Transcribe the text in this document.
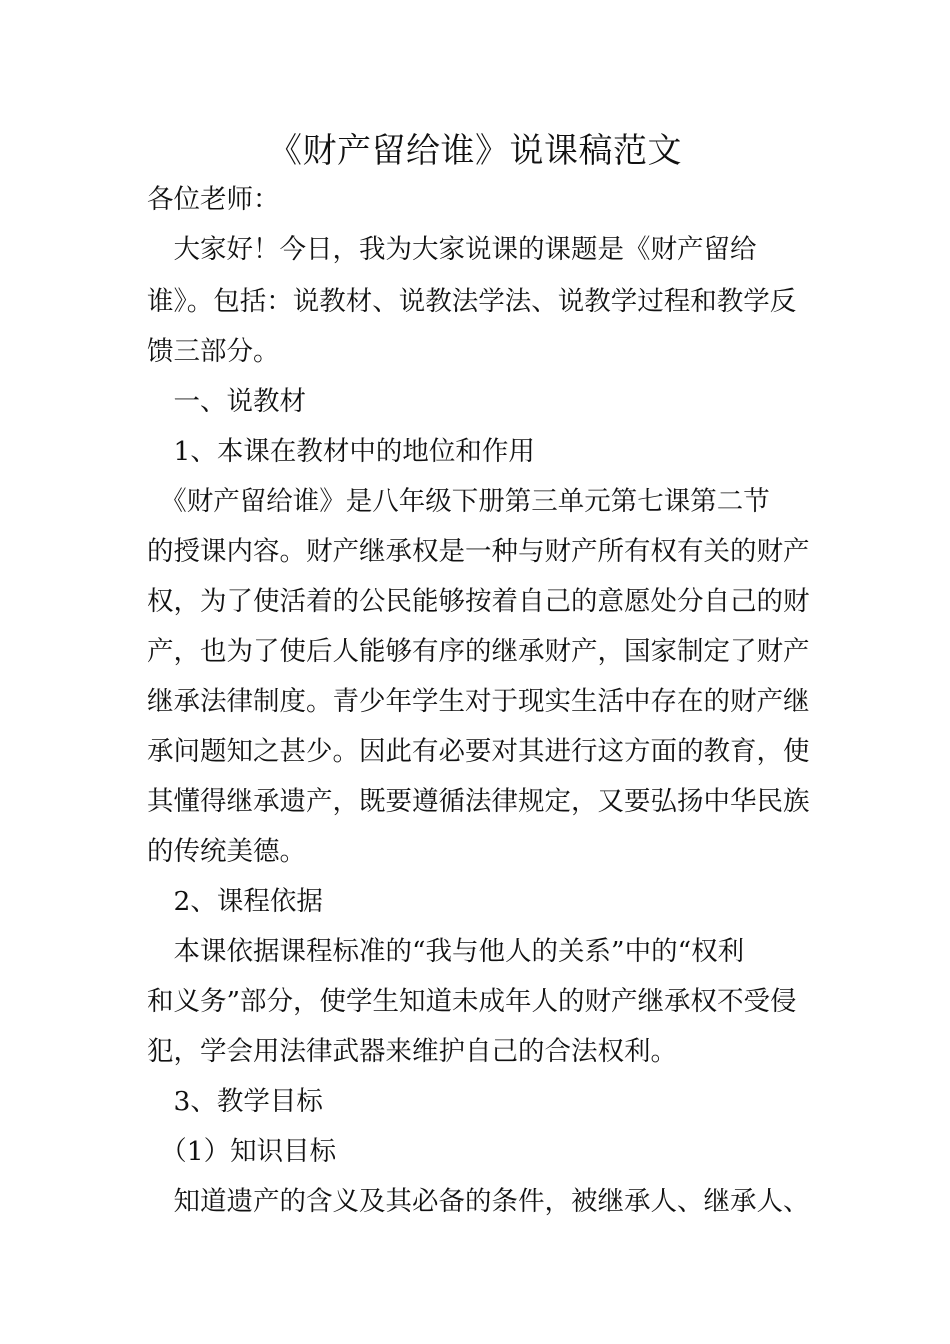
《财产留给谁》说课稿范文
各位老师：
　大家好！今日，我为大家说课的课题是《财产留给
谁》。包括：说教材、说教法学法、说教学过程和教学反
馈三部分。
　一、说教材
　1、本课在教材中的地位和作用
　《财产留给谁》是八年级下册第三单元第七课第二节
的授课内容。财产继承权是一种与财产所有权有关的财产
权，为了使活着的公民能够按着自己的意愿处分自己的财
产，也为了使后人能够有序的继承财产，国家制定了财产
继承法律制度。青少年学生对于现实生活中存在的财产继
承问题知之甚少。因此有必要对其进行这方面的教育，使
其懂得继承遗产，既要遵循法律规定，又要弘扬中华民族
的传统美德。
　2、课程依据
　本课依据课程标准的“我与他人的关系”中的“权利
和义务”部分，使学生知道未成年人的财产继承权不受侵
犯，学会用法律武器来维护自己的合法权利。
　3、教学目标
　（1）知识目标
　知道遗产的含义及其必备的条件，被继承人、继承人、
